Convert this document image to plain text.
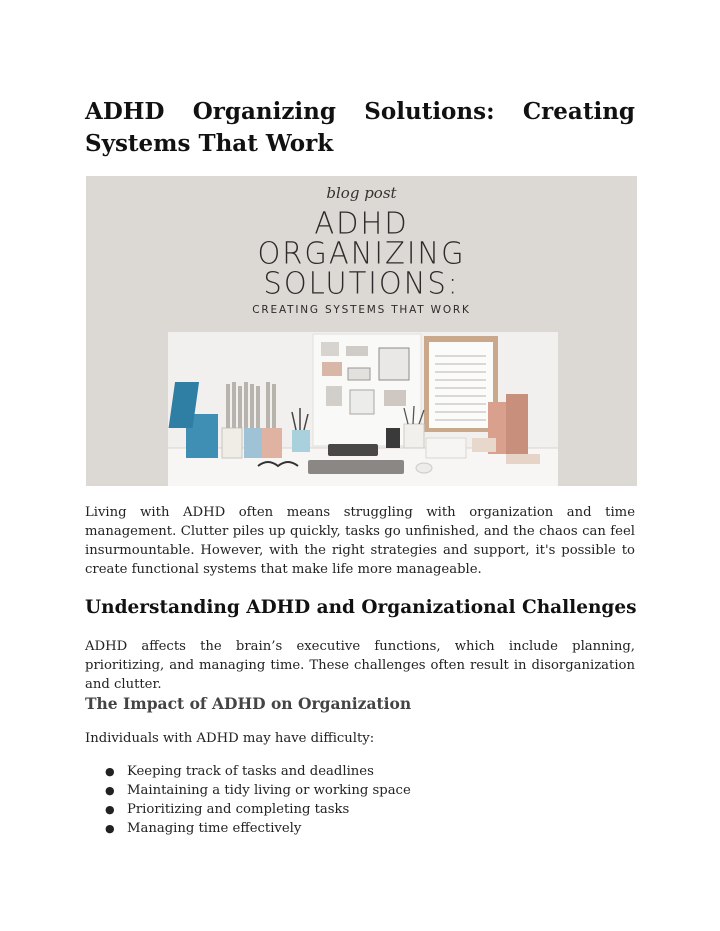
ADHD Organizing Solutions: Creating Systems That Work
blog post
ADHD
ORGANIZING
SOLUTIONS:
CREATING SYSTEMS THAT WORK

Living with ADHD often means struggling with organization and time management. Clutter piles up quickly, tasks go unfinished, and the chaos can feel insurmountable. However, with the right strategies and support, it's possible to create functional systems that make life more manageable.

Understanding ADHD and Organizational Challenges

ADHD affects the brain’s executive functions, which include planning, prioritizing, and managing time. These challenges often result in disorganization and clutter.

The Impact of ADHD on Organization

Individuals with ADHD may have difficulty:

● Keeping track of tasks and deadlines
● Maintaining a tidy living or working space
● Prioritizing and completing tasks
● Managing time effectively
